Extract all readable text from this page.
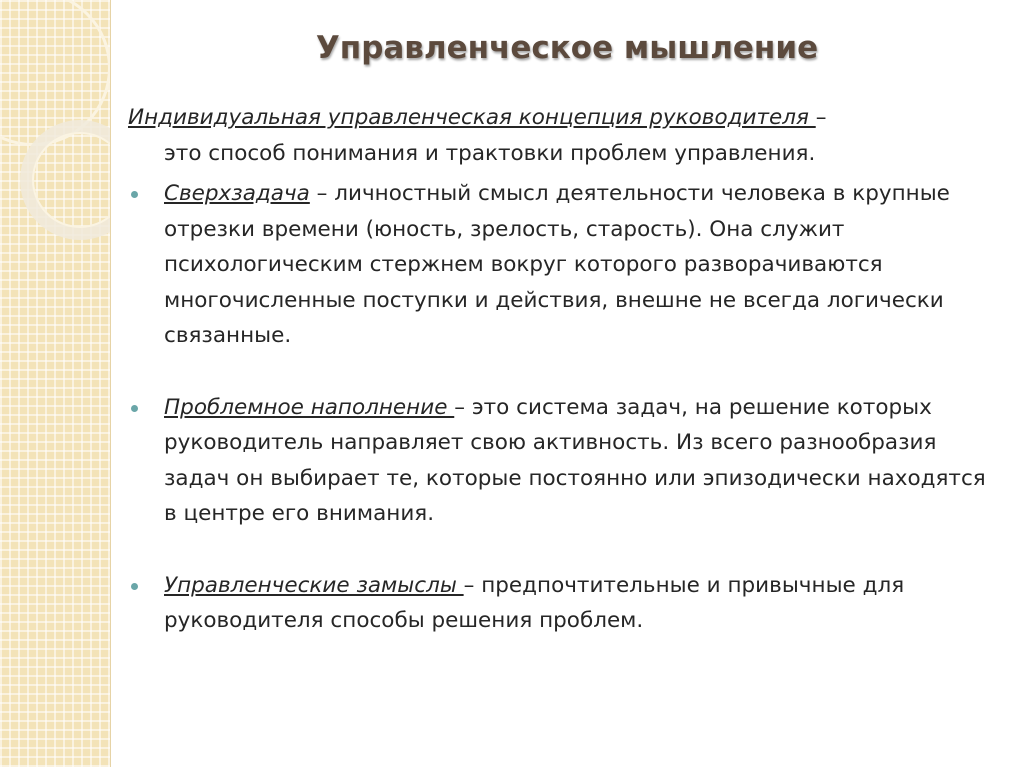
Управленческое мышление

Индивидуальная управленческая концепция руководителя –

это способ понимания и трактовки проблем управления.

Сверхзадача – личностный смысл деятельности человека в крупные отрезки времени (юность, зрелость, старость). Она служит психологическим стержнем вокруг которого разворачиваются многочисленные поступки и действия, внешне не всегда логически связанные.

Проблемное наполнение – это система задач, на решение которых руководитель направляет свою активность. Из всего разнообразия задач он выбирает те, которые постоянно или эпизодически находятся в центре его внимания.

Управленческие замыслы – предпочтительные и привычные для руководителя способы решения проблем.
